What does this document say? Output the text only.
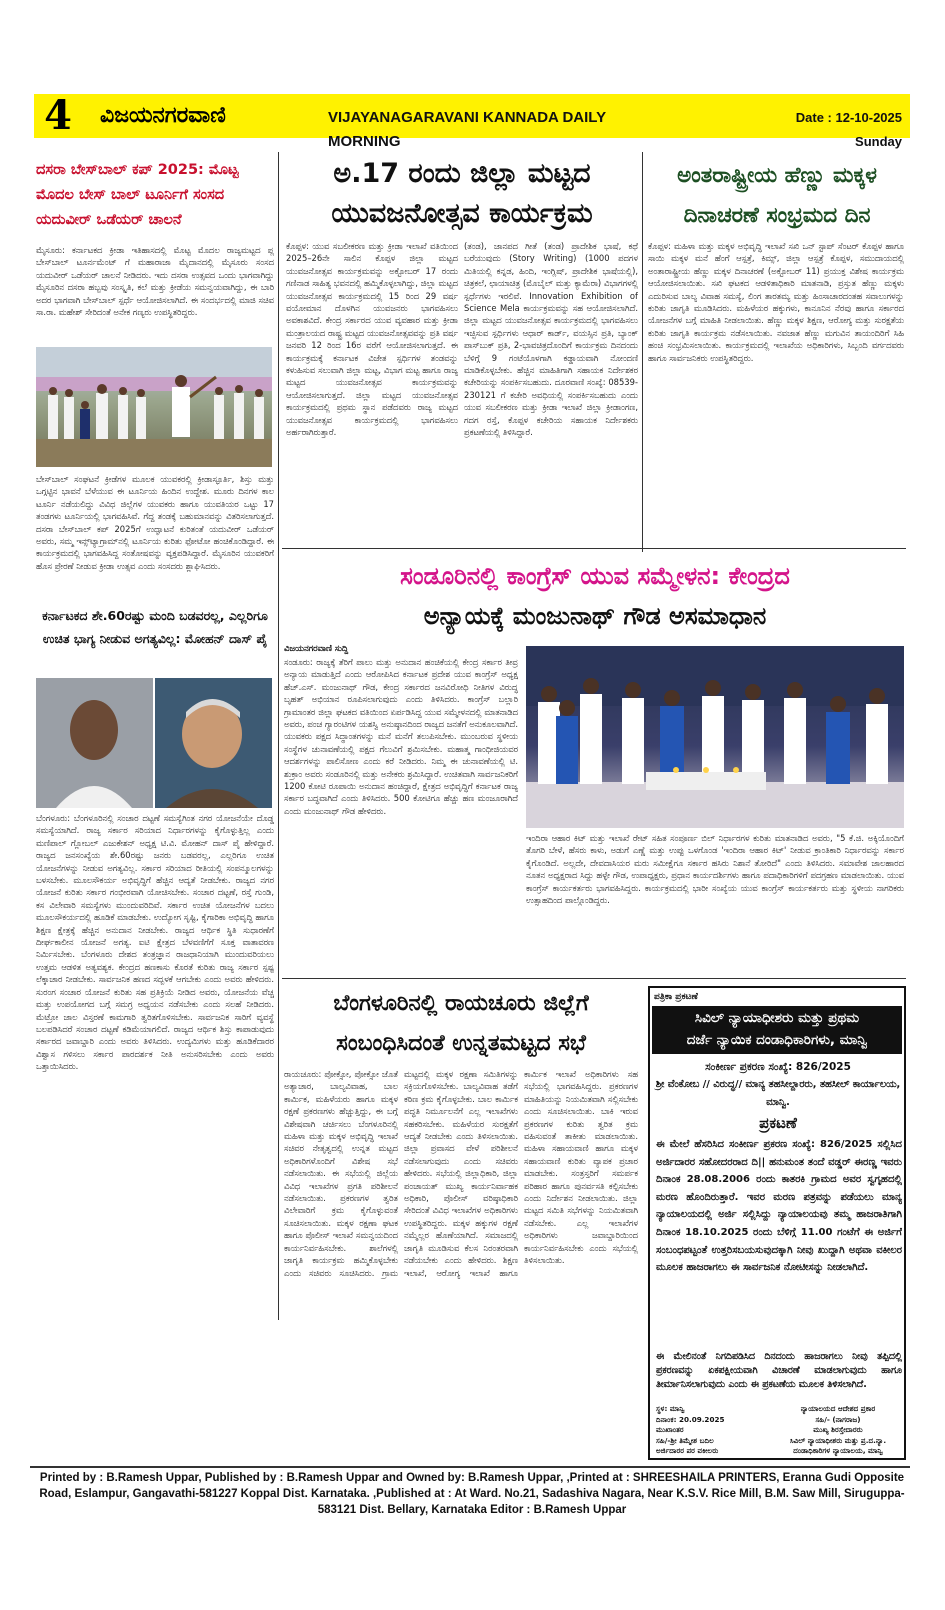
4 ವಿಜಯನಗರವಾಣಿ	VIJAYANAGARAVANI KANNADA DAILY MORNING
Date : 12-10-2025 Sunday
ದಸರಾ ಬೇಸ್‌ಬಾಲ್ ಕಪ್ 2025: ಮೊಟ್ಟ ಮೊದಲ ಬೇಸ್ ಬಾಲ್ ಟೂರ್ನಿಗೆ ಸಂಸದ ಯದುವೀರ್ ಒಡೆಯರ್ ಚಾಲನೆ
ಮೈಸೂರು: ಕರ್ನಾಟಕದ ಕ್ರೀಡಾ ಇತಿಹಾಸದಲ್ಲಿ ಮೊಟ್ಟ ಮೊದಲ ರಾಜ್ಯಮಟ್ಟದ ಪ್ಲ ಬೇಸ್‌ಬಾಲ್ ಟೂರ್ನಮೆಂಟ್ ಗೆ ಮಹಾರಾಜಾ ಮೈದಾನದಲ್ಲಿ ಮೈಸೂರು ಸಂಸದ ಯದುವೀರ್ ಒಡೆಯರ್ ಚಾಲನೆ ನೀಡಿದರು. ಇದು ದಸರಾ ಉತ್ಸವದ ಒಂದು ಭಾಗವಾಗಿದ್ದು ಮೈಸೂರಿನ ದಸರಾ ಹಬ್ಬವು ಸಂಸ್ಕೃತಿ, ಕಲೆ ಮತ್ತು ಕ್ರೀಡೆಯ ಸಮನ್ವಯವಾಗಿದ್ದು, ಈ ಬಾರಿ ಅದರ ಭಾಗವಾಗಿ ಬೇಸ್‌ಬಾಲ್ ಸ್ಪರ್ಧೆ ಆಯೋಜಿಸಲಾಗಿದೆ. ಈ ಸಂದರ್ಭದಲ್ಲಿ ಮಾಜಿ ಸಚಿವ ಸಾ.ರಾ. ಮಹೇಶ್ ಸೇರಿದಂತೆ ಅನೇಕ ಗಣ್ಯರು ಉಪಸ್ಥಿತರಿದ್ದರು.
ಬೇಸ್‌ಬಾಲ್ ಸಂಘಟನೆ ಕ್ರೀಡೆಗಳ ಮೂಲಕ ಯುವಕರಲ್ಲಿ ಕ್ರೀಡಾಸ್ಫೂರ್ತಿ, ಶಿಸ್ತು ಮತ್ತು ಒಗ್ಗಟ್ಟಿನ ಭಾವನೆ ಬೆಳೆಯುವ ಈ ಟೂರ್ನಿಯ ಹಿಂದಿನ ಉದ್ದೇಶ. ಮೂರು ದಿನಗಳ ಕಾಲ ಟೂರ್ನಿ ನಡೆಯಲಿದ್ದು ವಿವಿಧ ಜಿಲ್ಲೆಗಳ ಯುವಕರು ಹಾಗೂ ಯುವತಿಯರ ಒಟ್ಟು 17 ತಂಡಗಳು ಟೂರ್ನಿಯಲ್ಲಿ ಭಾಗವಹಿಸಿವೆ. ಗೆದ್ದ ತಂಡಕ್ಕೆ ಬಹುಮಾನವನ್ನು ವಿತರಿಸಲಾಗುತ್ತದೆ. ದಸರಾ ಬೇಸ್‌ಬಾಲ್ ಕಪ್ 2025ಗೆ ಉದ್ಘಾಟನೆ ಕುರಿತಂತೆ ಯದುವೀರ್ ಒಡೆಯರ್ ಅವರು, ಸಮ್ಮ ಇನ್ಸ್‌ಟ್ಯಾಗ್ರಾಮ್‌ನಲ್ಲಿ ಟೂರ್ನಿಯ ಕುರಿತು ಫೋಟೋ ಹಂಚಿಕೊಂಡಿದ್ದಾರೆ. ಈ ಕಾರ್ಯಕ್ರಮದಲ್ಲಿ ಭಾಗವಹಿಸಿದ್ದ ಸಂತೋಷವನ್ನು ವ್ಯಕ್ತಪಡಿಸಿದ್ದಾರೆ. ಮೈಸೂರಿನ ಯುವಕರಿಗೆ ಹೊಸ ಪ್ರೇರಣೆ ನೀಡುವ ಕ್ರೀಡಾ ಉತ್ಸವ ಎಂದು ಸಂಸದರು ಶ್ಲಾಘಿಸಿದರು.
ಅ.17 ರಂದು ಜಿಲ್ಲಾ ಮಟ್ಟದ ಯುವಜನೋತ್ಸವ ಕಾರ್ಯಕ್ರಮ
ಕೊಪ್ಪಳ: ಯುವ ಸಬಲೀಕರಣ ಮತ್ತು ಕ್ರೀಡಾ ಇಲಾಖೆ ವತಿಯಿಂದ 2025–26ನೇ ಸಾಲಿನ ಕೊಪ್ಪಳ ಜಿಲ್ಲಾ ಮಟ್ಟದ ಯುವಜನೋತ್ಸವ ಕಾರ್ಯಕ್ರಮವನ್ನು ಅಕ್ಟೋಬರ್ 17 ರಂದು ಗಣಿನಾಡ ಸಾಹಿತ್ಯ ಭವನದಲ್ಲಿ ಹಮ್ಮಿಕೊಳ್ಳಲಾಗಿದ್ದು, ಜಿಲ್ಲಾ ಮಟ್ಟದ ಯುವಜನೋತ್ಸವ ಕಾರ್ಯಕ್ರಮದಲ್ಲಿ 15 ರಿಂದ 29 ವರ್ಷ ವಯೋಮಾನ ದೊಳಗಿನ ಯುವಜನರು ಭಾಗವಹಿಸಲು ಅವಕಾಶವಿದೆ. ಕೇಂದ್ರ ಸರ್ಕಾರದ ಯುವ ವ್ಯವಹಾರ ಮತ್ತು ಕ್ರೀಡಾ ಮಂತ್ರಾಲಯದ ರಾಷ್ಟ್ರ ಮಟ್ಟದ ಯುವಜನೋತ್ಸವವನ್ನು ಪ್ರತಿ ವರ್ಷ ಜನವರಿ 12 ರಿಂದ 16ರ ವರೆಗೆ ಆಯೋಜಿಸಲಾಗುತ್ತದೆ. ಈ ಕಾರ್ಯಕ್ರಮಕ್ಕೆ ಕರ್ನಾಟಕ ವಿಜೇತ ಸ್ಪರ್ಧಿಗಳ ತಂಡವನ್ನು ಕಳುಹಿಸುವ ಸಲುವಾಗಿ ಜಿಲ್ಲಾ ಮಟ್ಟ, ವಿಭಾಗ ಮಟ್ಟ ಹಾಗೂ ರಾಜ್ಯ ಮಟ್ಟದ ಯುವಜನೋತ್ಸವ ಕಾರ್ಯಕ್ರಮವನ್ನು ಆಯೋಜಿಸಲಾಗುತ್ತದೆ. ಜಿಲ್ಲಾ ಮಟ್ಟದ ಯುವಜನೋತ್ಸವ ಕಾರ್ಯಕ್ರಮದಲ್ಲಿ ಪ್ರಥಮ ಸ್ಥಾನ ಪಡೆದವರು ರಾಜ್ಯ ಮಟ್ಟದ ಯುವಜನೋತ್ಸವ ಕಾರ್ಯಕ್ರಮದಲ್ಲಿ ಭಾಗವಹಿಸಲು ಅರ್ಹರಾಗಿರುತ್ತಾರೆ.
(ತಂಡ), ಜಾನಪದ ಗೀತೆ (ತಂಡ) ಪ್ರಾದೇಶಿಕ ಭಾಷೆ, ಕಥೆ ಬರೆಯುವುದು (Story Writing) (1000 ಪದಗಳ ಮಿತಿಯಲ್ಲಿ ಕನ್ನಡ, ಹಿಂದಿ, ಇಂಗ್ಲಿಷ್, ಪ್ರಾದೇಶಿಕ ಭಾಷೆಯಲ್ಲಿ), ಚಿತ್ರಕಲೆ, ಛಾಯಾಚಿತ್ರ (ಮೊಬೈಲ್ ಮತ್ತು ಕ್ಯಾಮೆರಾ) ವಿಭಾಗಗಳಲ್ಲಿ ಸ್ಪರ್ಧೆಗಳು ಇರಲಿವೆ. Innovation Exhibition of Science Mela ಕಾರ್ಯಕ್ರಮವನ್ನು ಸಹ ಆಯೋಜಿಸಲಾಗಿದೆ. ಜಿಲ್ಲಾ ಮಟ್ಟದ ಯುವಜನೋತ್ಸವ ಕಾರ್ಯಕ್ರಮದಲ್ಲಿ ಭಾಗವಹಿಸಲು ಇಚ್ಛಿಸುವ ಸ್ಪರ್ಧಿಗಳು ಆಧಾರ್ ಕಾರ್ಡ್, ವಯಸ್ಸಿನ ಪ್ರತಿ, ಬ್ಯಾಂಕ್ ಪಾಸ್‌ಬುಕ್ ಪ್ರತಿ, 2-ಭಾವಚಿತ್ರದೊಂದಿಗೆ ಕಾರ್ಯಕ್ರಮ ದಿನದಂದು ಬೆಳಿಗ್ಗೆ 9 ಗಂಟೆಯೊಳಗಾಗಿ ಕಡ್ಡಾಯವಾಗಿ ನೋಂದಣಿ ಮಾಡಿಕೊಳ್ಳಬೇಕು. ಹೆಚ್ಚಿನ ಮಾಹಿತಿಗಾಗಿ ಸಹಾಯಕ ನಿರ್ದೇಶಕರ ಕಚೇರಿಯನ್ನು ಸಂಪರ್ಕಿಸಬಹುದು. ದೂರವಾಣಿ ಸಂಖ್ಯೆ: 08539-230121 ಗೆ ಕಚೇರಿ ಅವಧಿಯಲ್ಲಿ ಸಂಪರ್ಕಿಸಬಹುದು ಎಂದು ಯುವ ಸಬಲೀಕರಣ ಮತ್ತು ಕ್ರೀಡಾ ಇಲಾಖೆ ಜಿಲ್ಲಾ ಕ್ರೀಡಾಂಗಣ, ಗದಗ ರಸ್ತೆ, ಕೊಪ್ಪಳ ಕಚೇರಿಯ ಸಹಾಯಕ ನಿರ್ದೇಶಕರು ಪ್ರಕಟಣೆಯಲ್ಲಿ ತಿಳಿಸಿದ್ದಾರೆ.
ಅಂತರಾಷ್ಟ್ರೀಯ ಹೆಣ್ಣು ಮಕ್ಕಳ ದಿನಾಚರಣೆ ಸಂಭ್ರಮದ ದಿನ
ಕೊಪ್ಪಳ: ಮಹಿಳಾ ಮತ್ತು ಮಕ್ಕಳ ಅಭಿವೃದ್ಧಿ ಇಲಾಖೆ ಸಖಿ ಒನ್ ಸ್ಟಾಪ್ ಸೆಂಟರ್ ಕೊಪ್ಪಳ ಹಾಗೂ ಸಾಯಿ ಮಕ್ಕಳ ಮನೆ ಹೆಂಗೆ ಆಸ್ಪತ್ರೆ, ಕಿಮ್ಸ್, ಜಿಲ್ಲಾ ಆಸ್ಪತ್ರೆ ಕೊಪ್ಪಳ, ಸಮುದಾಯದಲ್ಲಿ ಅಂತಾರಾಷ್ಟ್ರೀಯ ಹೆಣ್ಣು ಮಕ್ಕಳ ದಿನಾಚರಣೆ (ಅಕ್ಟೋಬರ್ 11) ಪ್ರಯುಕ್ತ ವಿಶೇಷ ಕಾರ್ಯಕ್ರಮ ಆಯೋಜಿಸಲಾಯಿತು. ಸಖಿ ಘಟಕದ ಆಡಳಿತಾಧಿಕಾರಿ ಮಾತನಾಡಿ, ಪ್ರಸ್ತುತ ಹೆಣ್ಣು ಮಕ್ಕಳು ಎದುರಿಸುವ ಬಾಲ್ಯ ವಿವಾಹ ಸಮಸ್ಯೆ, ಲಿಂಗ ತಾರತಮ್ಯ ಮತ್ತು ಹಿಂಸಾಚಾರದಂತಹ ಸವಾಲುಗಳನ್ನು ಕುರಿತು ಜಾಗೃತಿ ಮೂಡಿಸಿದರು. ಮಹಿಳೆಯರ ಹಕ್ಕುಗಳು, ಕಾನೂನಿನ ನೆರವು ಹಾಗೂ ಸರ್ಕಾರದ ಯೋಜನೆಗಳ ಬಗ್ಗೆ ಮಾಹಿತಿ ನೀಡಲಾಯಿತು. ಹೆಣ್ಣು ಮಕ್ಕಳ ಶಿಕ್ಷಣ, ಆರೋಗ್ಯ ಮತ್ತು ಸುರಕ್ಷತೆಯ ಕುರಿತು ಜಾಗೃತಿ ಕಾರ್ಯಕ್ರಮ ನಡೆಸಲಾಯಿತು. ನವಜಾತ ಹೆಣ್ಣು ಮಗುವಿನ ತಾಯಂದಿರಿಗೆ ಸಿಹಿ ಹಂಚಿ ಸಂಭ್ರಮಿಸಲಾಯಿತು. ಕಾರ್ಯಕ್ರಮದಲ್ಲಿ ಇಲಾಖೆಯ ಅಧಿಕಾರಿಗಳು, ಸಿಬ್ಬಂದಿ ವರ್ಗದವರು ಹಾಗೂ ಸಾರ್ವಜನಿಕರು ಉಪಸ್ಥಿತರಿದ್ದರು.
ಕರ್ನಾಟಕದ ಶೇ.60ರಷ್ಟು ಮಂದಿ ಬಡವರಲ್ಲ, ಎಲ್ಲರಿಗೂ ಉಚಿತ ಭಾಗ್ಯ ನೀಡುವ ಅಗತ್ಯವಿಲ್ಲ: ಮೋಹನ್ ದಾಸ್ ಪೈ
ಬೆಂಗಳೂರು: ಬೆಂಗಳೂರಿನಲ್ಲಿ ಸಂಚಾರ ದಟ್ಟಣೆ ಸಮಸ್ಯೆಗಿಂತ ನಗರ ಯೋಜನೆಯೇ ದೊಡ್ಡ ಸಮಸ್ಯೆಯಾಗಿದೆ. ರಾಜ್ಯ ಸರ್ಕಾರ ಸರಿಯಾದ ನಿರ್ಧಾರಗಳನ್ನು ಕೈಗೊಳ್ಳುತ್ತಿಲ್ಲ ಎಂದು ಮಣಿಪಾಲ್ ಗ್ಲೋಬಲ್ ಎಜುಕೇಶನ್ ಅಧ್ಯಕ್ಷ ಟಿ.ವಿ. ಮೋಹನ್ ದಾಸ್ ಪೈ ಹೇಳಿದ್ದಾರೆ. ರಾಜ್ಯದ ಜನಸಂಖ್ಯೆಯ ಶೇ.60ರಷ್ಟು ಜನರು ಬಡವರಲ್ಲ, ಎಲ್ಲರಿಗೂ ಉಚಿತ ಯೋಜನೆಗಳನ್ನು ನೀಡುವ ಅಗತ್ಯವಿಲ್ಲ. ಸರ್ಕಾರ ಸರಿಯಾದ ರೀತಿಯಲ್ಲಿ ಸಂಪನ್ಮೂಲಗಳನ್ನು ಬಳಸಬೇಕು. ಮೂಲಸೌಕರ್ಯ ಅಭಿವೃದ್ಧಿಗೆ ಹೆಚ್ಚಿನ ಆದ್ಯತೆ ನೀಡಬೇಕು. ರಾಜ್ಯದ ನಗರ ಯೋಜನೆ ಕುರಿತು ಸರ್ಕಾರ ಗಂಭೀರವಾಗಿ ಯೋಚಿಸಬೇಕು. ಸಂಚಾರ ದಟ್ಟಣೆ, ರಸ್ತೆ ಗುಂಡಿ, ಕಸ ವಿಲೇವಾರಿ ಸಮಸ್ಯೆಗಳು ಮುಂದುವರಿದಿವೆ. ಸರ್ಕಾರ ಉಚಿತ ಯೋಜನೆಗಳ ಬದಲು ಮೂಲಸೌಕರ್ಯದಲ್ಲಿ ಹೂಡಿಕೆ ಮಾಡಬೇಕು. ಉದ್ಯೋಗ ಸೃಷ್ಟಿ, ಕೈಗಾರಿಕಾ ಅಭಿವೃದ್ಧಿ ಹಾಗೂ ಶಿಕ್ಷಣ ಕ್ಷೇತ್ರಕ್ಕೆ ಹೆಚ್ಚಿನ ಅನುದಾನ ನೀಡಬೇಕು. ರಾಜ್ಯದ ಆರ್ಥಿಕ ಸ್ಥಿತಿ ಸುಧಾರಣೆಗೆ ದೀರ್ಘಕಾಲೀನ ಯೋಜನೆ ಅಗತ್ಯ. ಐಟಿ ಕ್ಷೇತ್ರದ ಬೆಳವಣಿಗೆಗೆ ಸೂಕ್ತ ವಾತಾವರಣ ನಿರ್ಮಿಸಬೇಕು. ಬೆಂಗಳೂರು ದೇಶದ ತಂತ್ರಜ್ಞಾನ ರಾಜಧಾನಿಯಾಗಿ ಮುಂದುವರಿಯಲು ಉತ್ತಮ ಆಡಳಿತ ಅತ್ಯವಶ್ಯಕ. ಕೇಂದ್ರದ ಹಣಕಾಸು ಕೊರತೆ ಕುರಿತು ರಾಜ್ಯ ಸರ್ಕಾರ ಸ್ಪಷ್ಟ ಲೆಕ್ಕಾಚಾರ ನೀಡಬೇಕು. ಸಾರ್ವಜನಿಕ ಹಣದ ಸದ್ಬಳಕೆ ಆಗಬೇಕು ಎಂದು ಅವರು ಹೇಳಿದರು. ಸುರಂಗ ಸಂಚಾರ ಯೋಜನೆ ಕುರಿತು ಸಹ ಪ್ರತಿಕ್ರಿಯೆ ನೀಡಿದ ಅವರು, ಯೋಜನೆಯ ವೆಚ್ಚ ಮತ್ತು ಉಪಯೋಗದ ಬಗ್ಗೆ ಸಮಗ್ರ ಅಧ್ಯಯನ ನಡೆಸಬೇಕು ಎಂದು ಸಲಹೆ ನೀಡಿದರು. ಮೆಟ್ರೋ ಜಾಲ ವಿಸ್ತರಣೆ ಕಾಮಗಾರಿ ತ್ವರಿತಗೊಳಿಸಬೇಕು. ಸಾರ್ವಜನಿಕ ಸಾರಿಗೆ ವ್ಯವಸ್ಥೆ ಬಲಪಡಿಸಿದರೆ ಸಂಚಾರ ದಟ್ಟಣೆ ಕಡಿಮೆಯಾಗಲಿದೆ. ರಾಜ್ಯದ ಆರ್ಥಿಕ ಶಿಸ್ತು ಕಾಪಾಡುವುದು ಸರ್ಕಾರದ ಜವಾಬ್ದಾರಿ ಎಂದು ಅವರು ತಿಳಿಸಿದರು. ಉದ್ಯಮಿಗಳು ಮತ್ತು ಹೂಡಿಕೆದಾರರ ವಿಶ್ವಾಸ ಗಳಿಸಲು ಸರ್ಕಾರ ಪಾರದರ್ಶಕ ನೀತಿ ಅನುಸರಿಸಬೇಕು ಎಂದು ಅವರು ಒತ್ತಾಯಿಸಿದರು.
ಸಂಡೂರಿನಲ್ಲಿ ಕಾಂಗ್ರೆಸ್ ಯುವ ಸಮ್ಮೇಳನ: ಕೇಂದ್ರದ
ಅನ್ಯಾಯಕ್ಕೆ ಮಂಜುನಾಥ್ ಗೌಡ ಅಸಮಾಧಾನ
ವಿಜಯನಗರವಾಣಿ ಸುದ್ದಿ
ಸಂಡೂರು: ರಾಜ್ಯಕ್ಕೆ ತೆರಿಗೆ ಪಾಲು ಮತ್ತು ಅನುದಾನ ಹಂಚಿಕೆಯಲ್ಲಿ ಕೇಂದ್ರ ಸರ್ಕಾರ ತೀವ್ರ ಅನ್ಯಾಯ ಮಾಡುತ್ತಿದೆ ಎಂದು ಆರೋಪಿಸಿದ ಕರ್ನಾಟಕ ಪ್ರದೇಶ ಯುವ ಕಾಂಗ್ರೆಸ್ ಅಧ್ಯಕ್ಷ ಹೆಚ್.ಎಸ್. ಮಂಜುನಾಥ್ ಗೌಡ, ಕೇಂದ್ರ ಸರ್ಕಾರದ ಜನವಿರೋಧಿ ನೀತಿಗಳ ವಿರುದ್ಧ ಬೃಹತ್ ಅಭಿಯಾನ ರೂಪಿಸಲಾಗುವುದು ಎಂದು ತಿಳಿಸಿದರು. ಕಾಂಗ್ರೆಸ್ ಬಲ್ಲಾರಿ ಗ್ರಾಮಾಂತರ ಜಿಲ್ಲಾ ಘಟಕದ ವತಿಯಿಂದ ಏರ್ಪಡಿಸಿದ್ದ ಯುವ ಸಮ್ಮೇಳನದಲ್ಲಿ ಮಾತನಾಡಿದ ಅವರು, ಪಂಚ ಗ್ಯಾರಂಟಿಗಳ ಯಶಸ್ವಿ ಅನುಷ್ಠಾನದಿಂದ ರಾಜ್ಯದ ಜನತೆಗೆ ಅನುಕೂಲವಾಗಿದೆ. ಯುವಕರು ಪಕ್ಷದ ಸಿದ್ಧಾಂತಗಳನ್ನು ಮನೆ ಮನೆಗೆ ತಲುಪಿಸಬೇಕು. ಮುಂಬರುವ ಸ್ಥಳೀಯ ಸಂಸ್ಥೆಗಳ ಚುನಾವಣೆಯಲ್ಲಿ ಪಕ್ಷದ ಗೆಲುವಿಗೆ ಶ್ರಮಿಸಬೇಕು. ಮಹಾತ್ಮ ಗಾಂಧೀಜಿಯವರ ಆದರ್ಶಗಳನ್ನು ಪಾಲಿಸೋಣ ಎಂದು ಕರೆ ನೀಡಿದರು. ನಿಮ್ಮ ಈ ಚುನಾವಣೆಯಲ್ಲಿ ಟಿ. ಶುಕ್ರಾಂ ಅವರು ಸಂಡೂರಿನಲ್ಲಿ ಮತ್ತು ಅನೇಕರು ಶ್ರಮಿಸಿದ್ದಾರೆ. ಉಚಿತವಾಗಿ ಸಾರ್ವಜನಿಕರಿಗೆ 1200 ಕೋಟಿ ರೂಪಾಯಿ ಅನುದಾನ ಹಂಚಿದ್ದಾರೆ, ಕ್ಷೇತ್ರದ ಅಭಿವೃದ್ಧಿಗೆ ಕರ್ನಾಟಕ ರಾಜ್ಯ ಸರ್ಕಾರ ಬದ್ಧವಾಗಿದೆ ಎಂದು ತಿಳಿಸಿದರು. 500 ಕೋಟಿಗೂ ಹೆಚ್ಚು ಹಣ ಮಂಜೂರಾಗಿದೆ ಎಂದು ಮಂಜುನಾಥ್ ಗೌಡ ಹೇಳಿದರು.
ಇಂದಿರಾ ಆಹಾರ ಕಿಟ್ ಮತ್ತು ಇಲಾಖೆ ರೇಟ್ ಸಹಿತ ಸಂಪೂರ್ಣ ಬಿಲ್ ನಿರ್ಧಾರಗಳ ಕುರಿತು ಮಾತನಾಡಿದ ಅವರು, "5 ಕೆ.ಜಿ. ಅಕ್ಕಿಯೊಂದಿಗೆ ತೊಗರಿ ಬೇಳೆ, ಹೆಸರು ಕಾಳು, ಅಡುಗೆ ಎಣ್ಣೆ ಮತ್ತು ಉಪ್ಪು ಒಳಗೊಂಡ 'ಇಂದಿರಾ ಆಹಾರ ಕಿಟ್' ನೀಡುವ ಕ್ರಾಂತಿಕಾರಿ ನಿರ್ಧಾರವನ್ನು ಸರ್ಕಾರ ಕೈಗೊಂಡಿದೆ. ಅಲ್ಲದೇ, ದೇವದಾಸಿಯರ ಮರು ಸಮೀಕ್ಷೆಗೂ ಸರ್ಕಾರ ಹಸಿರು ನಿಶಾನೆ ತೋರಿದೆ" ಎಂದು ತಿಳಿಸಿದರು. ಸಮಾವೇಶ ಜಾಲಹಾರದ ನೂತನ ಅಧ್ಯಕ್ಷರಾದ ಸಿದ್ದು ಹಳ್ಳೇ ಗೌಡ, ಉಪಾಧ್ಯಕ್ಷರು, ಪ್ರಧಾನ ಕಾರ್ಯದರ್ಶಿಗಳು ಹಾಗೂ ಪದಾಧಿಕಾರಿಗಳಿಗೆ ಪದಗ್ರಹಣ ಮಾಡಲಾಯಿತು. ಯುವ ಕಾಂಗ್ರೆಸ್ ಕಾರ್ಯಕರ್ತರು ಭಾಗವಹಿಸಿದ್ದರು. ಕಾರ್ಯಕ್ರಮದಲ್ಲಿ ಭಾರೀ ಸಂಖ್ಯೆಯ ಯುವ ಕಾಂಗ್ರೆಸ್ ಕಾರ್ಯಕರ್ತರು ಮತ್ತು ಸ್ಥಳೀಯ ನಾಗರಿಕರು ಉತ್ಸಾಹದಿಂದ ಪಾಲ್ಗೊಂಡಿದ್ದರು.
ಬೆಂಗಳೂರಿನಲ್ಲಿ ರಾಯಚೂರು ಜಿಲ್ಲೆಗೆ ಸಂಬಂಧಿಸಿದಂತೆ ಉನ್ನತಮಟ್ಟದ ಸಭೆ
ರಾಯಚೂರು: ಪೋಕ್ಸೋ, ಪೋಕ್ಸೋ ಜೊತೆ ಅತ್ಯಾಚಾರ, ಬಾಲ್ಯವಿವಾಹ, ಬಾಲ ಕಾರ್ಮಿಕ, ಮಹಿಳೆಯರು ಹಾಗೂ ಮಕ್ಕಳ ರಕ್ಷಣೆ ಪ್ರಕರಣಗಳು ಹೆಚ್ಚುತ್ತಿದ್ದು, ಈ ಬಗ್ಗೆ ವಿಶೇಷವಾಗಿ ಚರ್ಚಿಸಲು ಬೆಂಗಳೂರಿನಲ್ಲಿ ಮಹಿಳಾ ಮತ್ತು ಮಕ್ಕಳ ಅಭಿವೃದ್ಧಿ ಇಲಾಖೆ ಸಚಿವರ ನೇತೃತ್ವದಲ್ಲಿ ಉನ್ನತ ಮಟ್ಟದ ಅಧಿಕಾರಿಗಳೊಂದಿಗೆ ವಿಶೇಷ ಸಭೆ ನಡೆಸಲಾಯಿತು. ಈ ಸಭೆಯಲ್ಲಿ ಜಿಲ್ಲೆಯ ವಿವಿಧ ಇಲಾಖೆಗಳ ಪ್ರಗತಿ ಪರಿಶೀಲನೆ ನಡೆಸಲಾಯಿತು. ಪ್ರಕರಣಗಳ ತ್ವರಿತ ವಿಲೇವಾರಿಗೆ ಕ್ರಮ ಕೈಗೊಳ್ಳುವಂತೆ ಸೂಚಿಸಲಾಯಿತು. ಮಕ್ಕಳ ರಕ್ಷಣಾ ಘಟಕ ಹಾಗೂ ಪೊಲೀಸ್ ಇಲಾಖೆ ಸಮನ್ವಯದಿಂದ ಕಾರ್ಯನಿರ್ವಹಿಸಬೇಕು. ಶಾಲೆಗಳಲ್ಲಿ ಜಾಗೃತಿ ಕಾರ್ಯಕ್ರಮ ಹಮ್ಮಿಕೊಳ್ಳಬೇಕು ಎಂದು ಸಚಿವರು ಸೂಚಿಸಿದರು. ಗ್ರಾಮ ಮಟ್ಟದಲ್ಲಿ ಮಕ್ಕಳ ರಕ್ಷಣಾ ಸಮಿತಿಗಳನ್ನು ಸಕ್ರಿಯಗೊಳಿಸಬೇಕು. ಬಾಲ್ಯವಿವಾಹ ತಡೆಗೆ ಕಠಿಣ ಕ್ರಮ ಕೈಗೊಳ್ಳಬೇಕು. ಬಾಲ ಕಾರ್ಮಿಕ ಪದ್ಧತಿ ನಿರ್ಮೂಲನೆಗೆ ಎಲ್ಲ ಇಲಾಖೆಗಳು ಸಹಕರಿಸಬೇಕು. ಮಹಿಳೆಯರ ಸುರಕ್ಷತೆಗೆ ಆದ್ಯತೆ ನೀಡಬೇಕು ಎಂದು ತಿಳಿಸಲಾಯಿತು. ಜಿಲ್ಲಾ ಪ್ರವಾಸದ ವೇಳೆ ಪರಿಶೀಲನೆ ನಡೆಸಲಾಗುವುದು ಎಂದು ಸಚಿವರು ಹೇಳಿದರು. ಸಭೆಯಲ್ಲಿ ಜಿಲ್ಲಾಧಿಕಾರಿ, ಜಿಲ್ಲಾ ಪಂಚಾಯತ್ ಮುಖ್ಯ ಕಾರ್ಯನಿರ್ವಾಹಕ ಅಧಿಕಾರಿ, ಪೊಲೀಸ್ ವರಿಷ್ಠಾಧಿಕಾರಿ ಸೇರಿದಂತೆ ವಿವಿಧ ಇಲಾಖೆಗಳ ಅಧಿಕಾರಿಗಳು ಉಪಸ್ಥಿತರಿದ್ದರು. ಮಕ್ಕಳ ಹಕ್ಕುಗಳ ರಕ್ಷಣೆ ನಮ್ಮೆಲ್ಲರ ಹೊಣೆಯಾಗಿದೆ. ಸಮಾಜದಲ್ಲಿ ಜಾಗೃತಿ ಮೂಡಿಸುವ ಕೆಲಸ ನಿರಂತರವಾಗಿ ನಡೆಯಬೇಕು ಎಂದು ಹೇಳಿದರು. ಶಿಕ್ಷಣ ಇಲಾಖೆ, ಆರೋಗ್ಯ ಇಲಾಖೆ ಹಾಗೂ ಕಾರ್ಮಿಕ ಇಲಾಖೆ ಅಧಿಕಾರಿಗಳು ಸಹ ಸಭೆಯಲ್ಲಿ ಭಾಗವಹಿಸಿದ್ದರು. ಪ್ರಕರಣಗಳ ಮಾಹಿತಿಯನ್ನು ನಿಯಮಿತವಾಗಿ ಸಲ್ಲಿಸಬೇಕು ಎಂದು ಸೂಚಿಸಲಾಯಿತು. ಬಾಕಿ ಇರುವ ಪ್ರಕರಣಗಳ ಕುರಿತು ತ್ವರಿತ ಕ್ರಮ ವಹಿಸುವಂತೆ ತಾಕೀತು ಮಾಡಲಾಯಿತು. ಮಹಿಳಾ ಸಹಾಯವಾಣಿ ಹಾಗೂ ಮಕ್ಕಳ ಸಹಾಯವಾಣಿ ಕುರಿತು ವ್ಯಾಪಕ ಪ್ರಚಾರ ಮಾಡಬೇಕು. ಸಂತ್ರಸ್ತರಿಗೆ ಸಮರ್ಪಕ ಪರಿಹಾರ ಹಾಗೂ ಪುನರ್ವಸತಿ ಕಲ್ಪಿಸಬೇಕು ಎಂದು ನಿರ್ದೇಶನ ನೀಡಲಾಯಿತು. ಜಿಲ್ಲಾ ಮಟ್ಟದ ಸಮಿತಿ ಸಭೆಗಳನ್ನು ನಿಯಮಿತವಾಗಿ ನಡೆಸಬೇಕು. ಎಲ್ಲ ಇಲಾಖೆಗಳ ಅಧಿಕಾರಿಗಳು ಜವಾಬ್ದಾರಿಯಿಂದ ಕಾರ್ಯನಿರ್ವಹಿಸಬೇಕು ಎಂದು ಸಭೆಯಲ್ಲಿ ತಿಳಿಸಲಾಯಿತು.
ಪತ್ರಿಕಾ ಪ್ರಕಟಣೆ
ಸಿವಿಲ್ ನ್ಯಾಯಾಧೀಶರು ಮತ್ತು ಪ್ರಥಮ
ದರ್ಜೆ ನ್ಯಾಯಿಕ ದಂಡಾಧಿಕಾರಿಗಳು, ಮಾನ್ವಿ
ಸಂಕೀರ್ಣ ಪ್ರಕರಣ ಸಂಖ್ಯೆ: 826/2025
ಶ್ರೀ ವೆಂಕೋಬ // ವಿರುದ್ಧ// ಮಾನ್ಯ ತಹಸೀಲ್ದಾರರು, ತಹಸೀಲ್ ಕಾರ್ಯಾಲಯ, ಮಾನ್ವಿ.
ಪ್ರಕಟಣೆ
ಈ ಮೇಲೆ ಹೆಸರಿಸಿದ ಸಂಕೀರ್ಣ ಪ್ರಕರಣ ಸಂಖ್ಯೆ: 826/2025 ಸಲ್ಲಿಸಿದ ಅರ್ಜಿದಾರರ ಸಹೋದರರಾದ ದಿ|| ಹನುಮಂತ ತಂದೆ ವಡ್ಡರ್ ಈರಣ್ಣ ಇವರು ದಿನಾಂಕ 28.08.2006 ರಂದು ಕಾತರಕಿ ಗ್ರಾಮದ ಅವರ ಸ್ವಗೃಹದಲ್ಲಿ ಮರಣ ಹೊಂದಿರುತ್ತಾರೆ. ಇವರ ಮರಣ ಪತ್ರವನ್ನು ಪಡೆಯಲು ಮಾನ್ಯ ನ್ಯಾಯಾಲಯದಲ್ಲಿ ಅರ್ಜಿ ಸಲ್ಲಿಸಿದ್ದು ನ್ಯಾಯಾಲಯವು ತಮ್ಮ ಹಾಜರಾತಿಗಾಗಿ ದಿನಾಂಕ 18.10.2025 ರಂದು ಬೆಳಿಗ್ಗೆ 11.00 ಗಂಟೆಗೆ ಈ ಅರ್ಜಿಗೆ ಸಂಬಂಧಪಟ್ಟಂತೆ ಉತ್ತರಿಸಬಯಸುವುದಕ್ಕಾಗಿ ನೀವು ಖುದ್ದಾಗಿ ಅಥವಾ ವಕೀಲರ ಮೂಲಕ ಹಾಜರಾಗಲು ಈ ಸಾರ್ವಜನಿಕ ನೋಟೀಸನ್ನು ನೀಡಲಾಗಿದೆ.
ಈ ಮೇಲಿನಂತೆ ನಿಗದಿಪಡಿಸಿದ ದಿನದಂದು ಹಾಜರಾಗಲು ನೀವು ತಪ್ಪಿದಲ್ಲಿ ಪ್ರಕರಣವನ್ನು ಏಕಪಕ್ಷೀಯವಾಗಿ ವಿಚಾರಣೆ ಮಾಡಲಾಗುವುದು ಹಾಗೂ ತೀರ್ಮಾನಿಸಲಾಗುವುದು ಎಂದು ಈ ಪ್ರಕಟಣೆಯ ಮೂಲಕ ತಿಳಿಸಲಾಗಿದೆ.
ಸ್ಥಳ: ಮಾನ್ವಿ
ದಿನಾಂಕ: 20.09.2025
ಮುಖಾಂತರ
ಸಹಿ/-ಶ್ರೀ ತಿಮ್ಮೇಶ ಬದಿಲ
ಅರ್ಜಿದಾರರ ಪರ ವಕೀಲರು
ನ್ಯಾಯಾಲಯದ ಆದೇಶದ ಪ್ರಕಾರ
ಸಹಿ/- (ನಾಗರಾಜ)
ಮುಖ್ಯ ಶಿರಸ್ತೇದಾರರು
ಸಿವಿಲ್ ನ್ಯಾಯಾಧೀಶರು ಮತ್ತು ಪ್ರ.ದ.ನ್ಯಾ.
ದಂಡಾಧಿಕಾರಿಗಳ ನ್ಯಾಯಾಲಯ, ಮಾನ್ವಿ
Printed by : B.Ramesh Uppar, Published by : B.Ramesh Uppar and Owned by: B.Ramesh Uppar, ,Printed at : SHREESHAILA PRINTERS, Eranna Gudi Opposite Road, Eslampur, Gangavathi-581227 Koppal Dist. Karnataka. ,Published at : At Ward. No.21, Sadashiva Nagara, Near K.S.V. Rice Mill, B.M. Saw Mill, Siruguppa-583121 Dist. Bellary, Karnataka Editor : B.Ramesh Uppar
